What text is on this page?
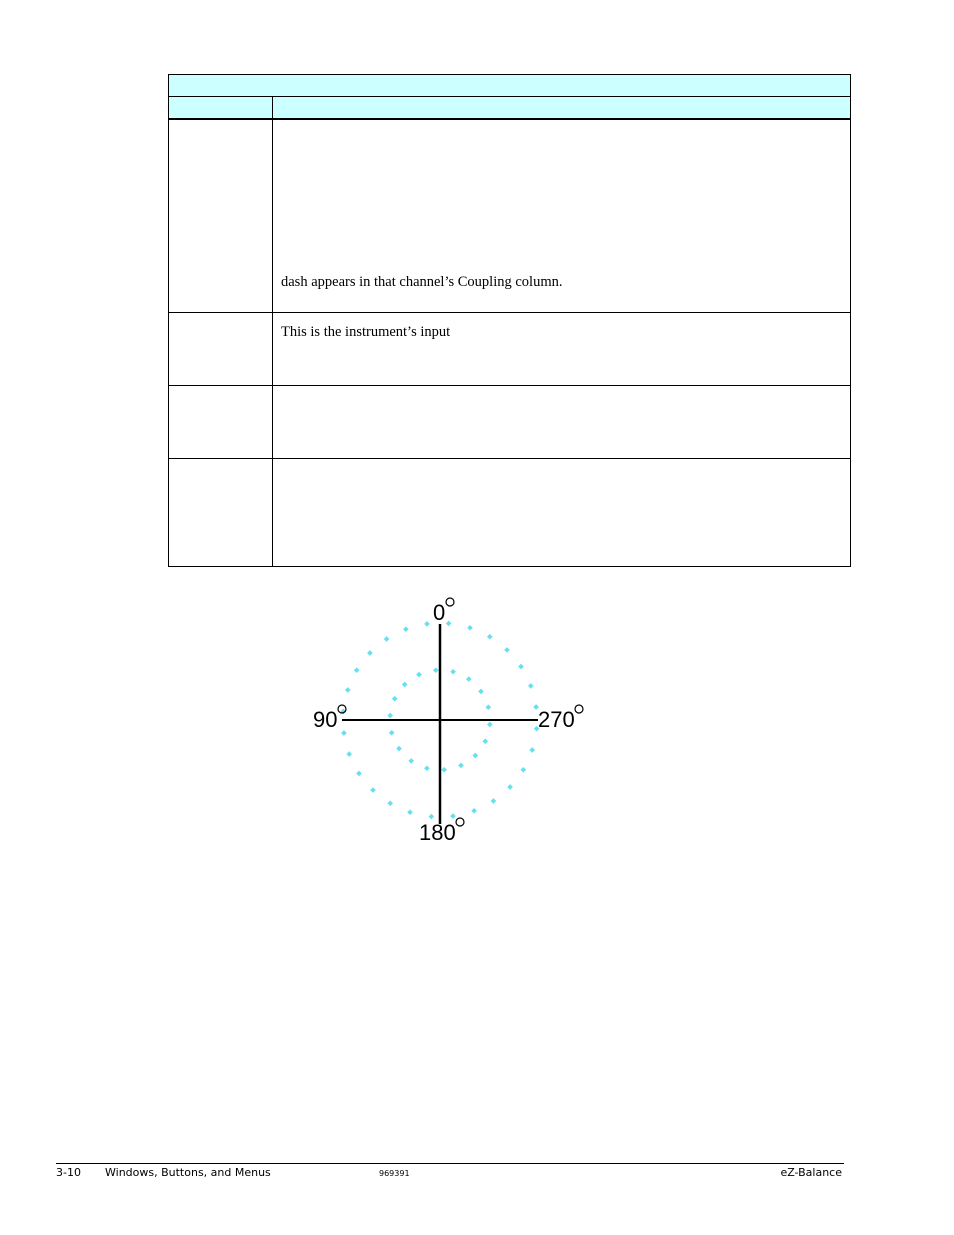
	dash appears in that channel’s Coupling column.

	This is the instrument’s input

0
90	270
180
3-10 Windows, Buttons, and Menus	969391	eZ-Balance
